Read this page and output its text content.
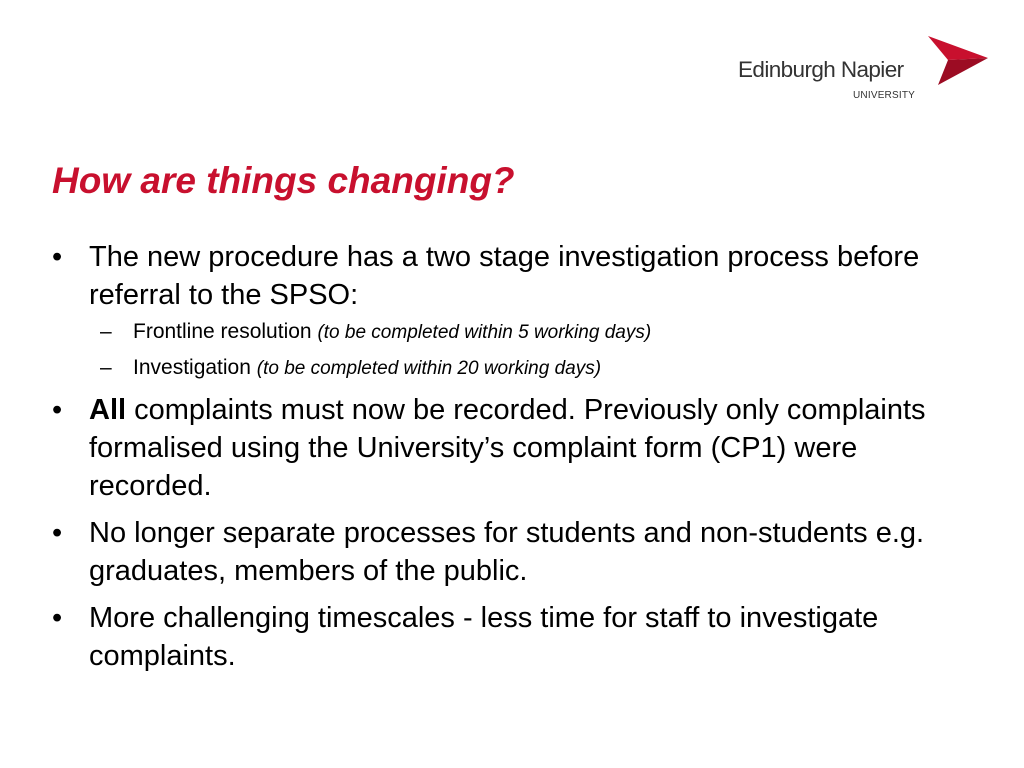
Edinburgh Napier
UNIVERSITY
How are things changing?
• The new procedure has a two stage investigation process before referral to the SPSO:
– Frontline resolution (to be completed within 5 working days)
– Investigation (to be completed within 20 working days)
• All complaints must now be recorded. Previously only complaints formalised using the University’s complaint form (CP1) were recorded.
• No longer separate processes for students and non-students e.g. graduates, members of the public.
• More challenging timescales - less time for staff to investigate complaints.
